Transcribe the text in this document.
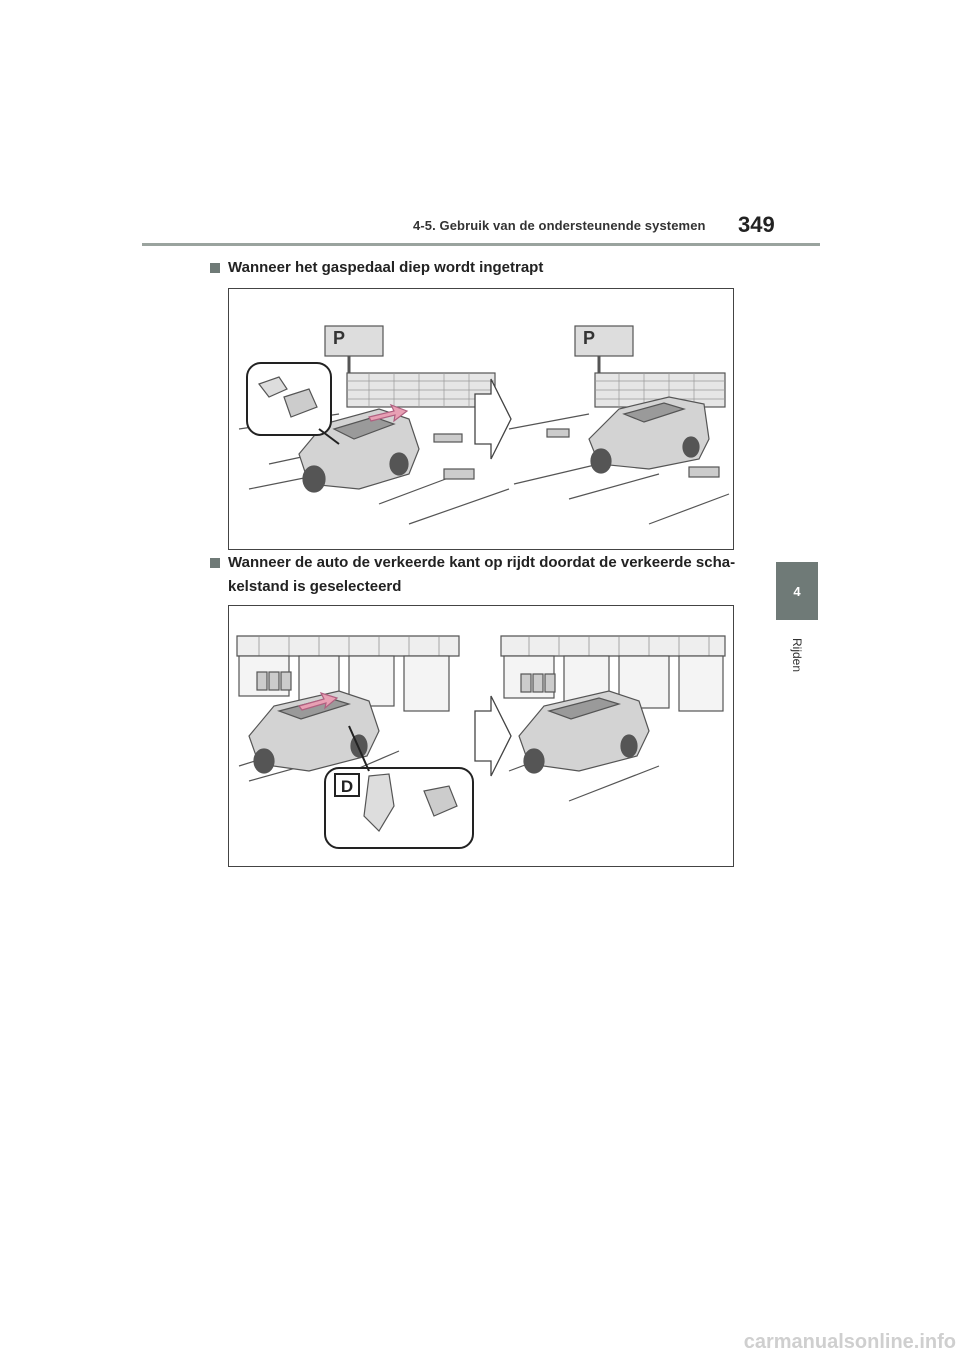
4-5. Gebruik van de ondersteunende systemen 349
4
Rijden
Wanneer het gaspedaal diep wordt ingetrapt
P	P
Wanneer de auto de verkeerde kant op rijdt doordat de verkeerde scha-
kelstand is geselecteerd
D
carmanualsonline.info
